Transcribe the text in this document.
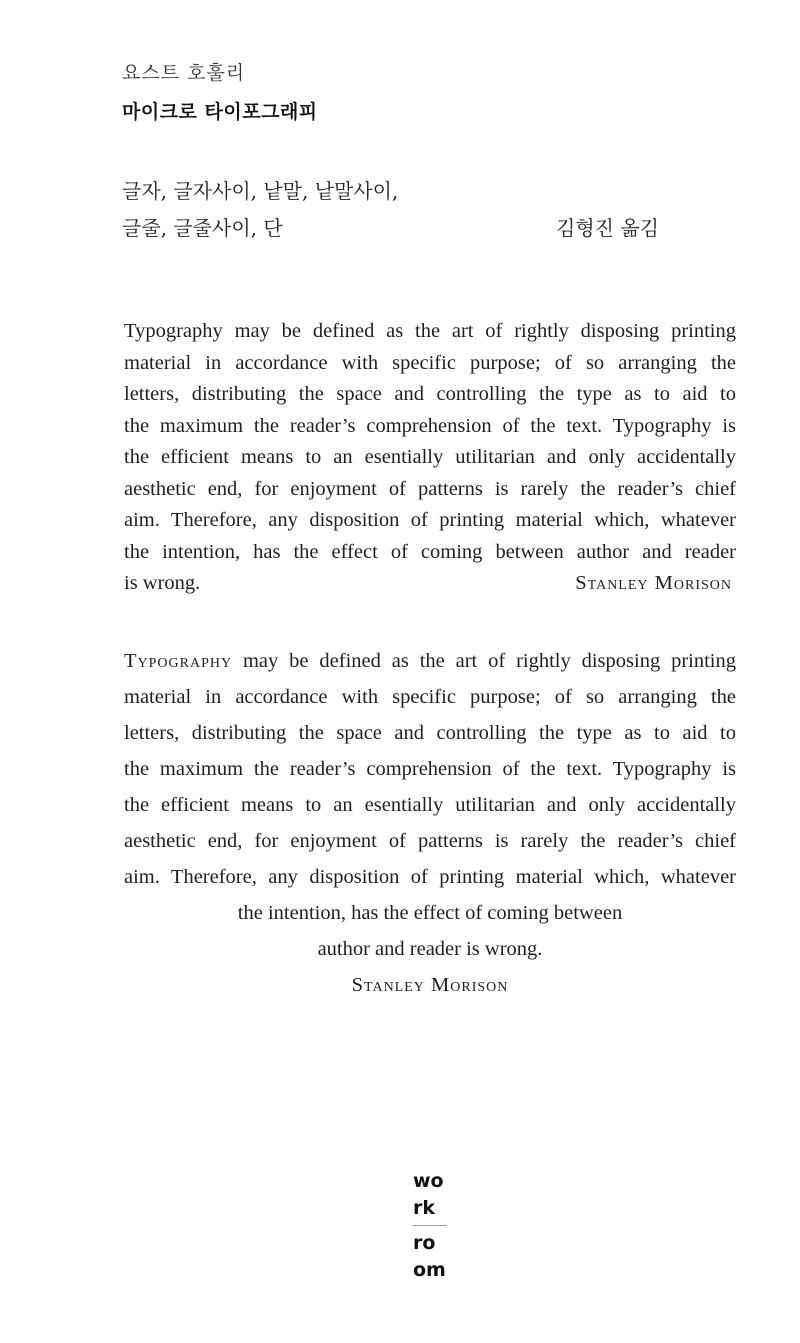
요스트 호훌리
마이크로 타이포그래피
글자, 글자사이, 낱말, 낱말사이,
글줄, 글줄사이, 단	김형진 옮김
Typography may be defined as the art of rightly disposing printing
material in accordance with specific purpose; of so arranging the
letters, distributing the space and controlling the type as to aid to
the maximum the reader’s comprehension of the text. Typography is
the efficient means to an esentially utilitarian and only accidentally
aesthetic end, for enjoyment of patterns is rarely the reader’s chief
aim. Therefore, any disposition of printing material which, whatever
the intention, has the effect of coming between author and reader
is wrong.	Stanley Morison
Typography may be defined as the art of rightly disposing printing
material in accordance with specific purpose; of so arranging the
letters, distributing the space and controlling the type as to aid to
the maximum the reader’s comprehension of the text. Typography is
the efficient means to an esentially utilitarian and only accidentally
aesthetic end, for enjoyment of patterns is rarely the reader’s chief
aim. Therefore, any disposition of printing material which, whatever
the intention, has the effect of coming between
author and reader is wrong.
Stanley Morison
wo
rk
ro
om
